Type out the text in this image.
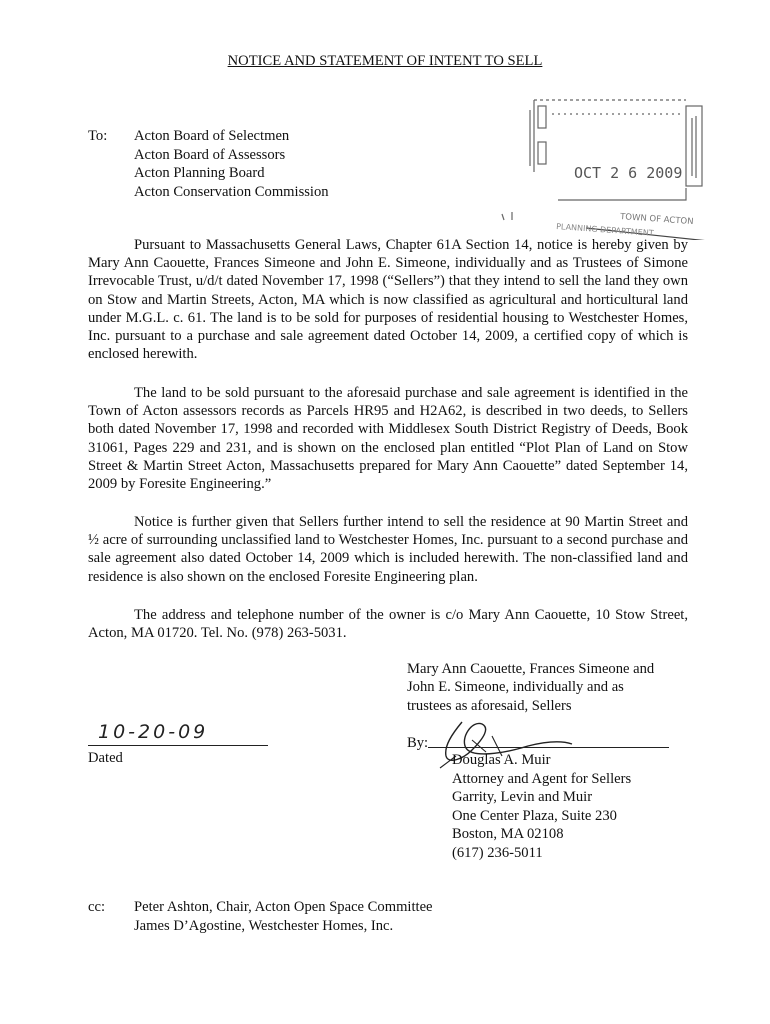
NOTICE AND STATEMENT OF INTENT TO SELL
To: Acton Board of Selectmen
Acton Board of Assessors
Acton Planning Board
Acton Conservation Commission
OCT 2 6 2009
TOWN OF ACTON
PLANNING DEPARTMENT

Pursuant to Massachusetts General Laws, Chapter 61A Section 14, notice is hereby given by Mary Ann Caouette, Frances Simeone and John E. Simeone, individually and as Trustees of Simone Irrevocable Trust, u/d/t dated November 17, 1998 (“Sellers”) that they intend to sell the land they own on Stow and Martin Streets, Acton, MA which is now classified as agricultural and horticultural land under M.G.L. c. 61. The land is to be sold for purposes of residential housing to Westchester Homes, Inc. pursuant to a purchase and sale agreement dated October 14, 2009, a certified copy of which is enclosed herewith.

The land to be sold pursuant to the aforesaid purchase and sale agreement is identified in the Town of Acton assessors records as Parcels HR95 and H2A62, is described in two deeds, to Sellers both dated November 17, 1998 and recorded with Middlesex South District Registry of Deeds, Book 31061, Pages 229 and 231, and is shown on the enclosed plan entitled “Plot Plan of Land on Stow Street & Martin Street Acton, Massachusetts prepared for Mary Ann Caouette” dated September 14, 2009 by Foresite Engineering.”

Notice is further given that Sellers further intend to sell the residence at 90 Martin Street and ½ acre of surrounding unclassified land to Westchester Homes, Inc. pursuant to a second purchase and sale agreement also dated October 14, 2009 which is included herewith. The non-classified land and residence is also shown on the enclosed Foresite Engineering plan.

The address and telephone number of the owner is c/o Mary Ann Caouette, 10 Stow Street, Acton, MA 01720. Tel. No. (978) 263-5031.

Mary Ann Caouette, Frances Simeone and
John E. Simeone, individually and as
trustees as aforesaid, Sellers
10-20-09
Dated
By:
Douglas A. Muir
Attorney and Agent for Sellers
Garrity, Levin and Muir
One Center Plaza, Suite 230
Boston, MA 02108
(617) 236-5011
cc: Peter Ashton, Chair, Acton Open Space Committee
James D’Agostine, Westchester Homes, Inc.
